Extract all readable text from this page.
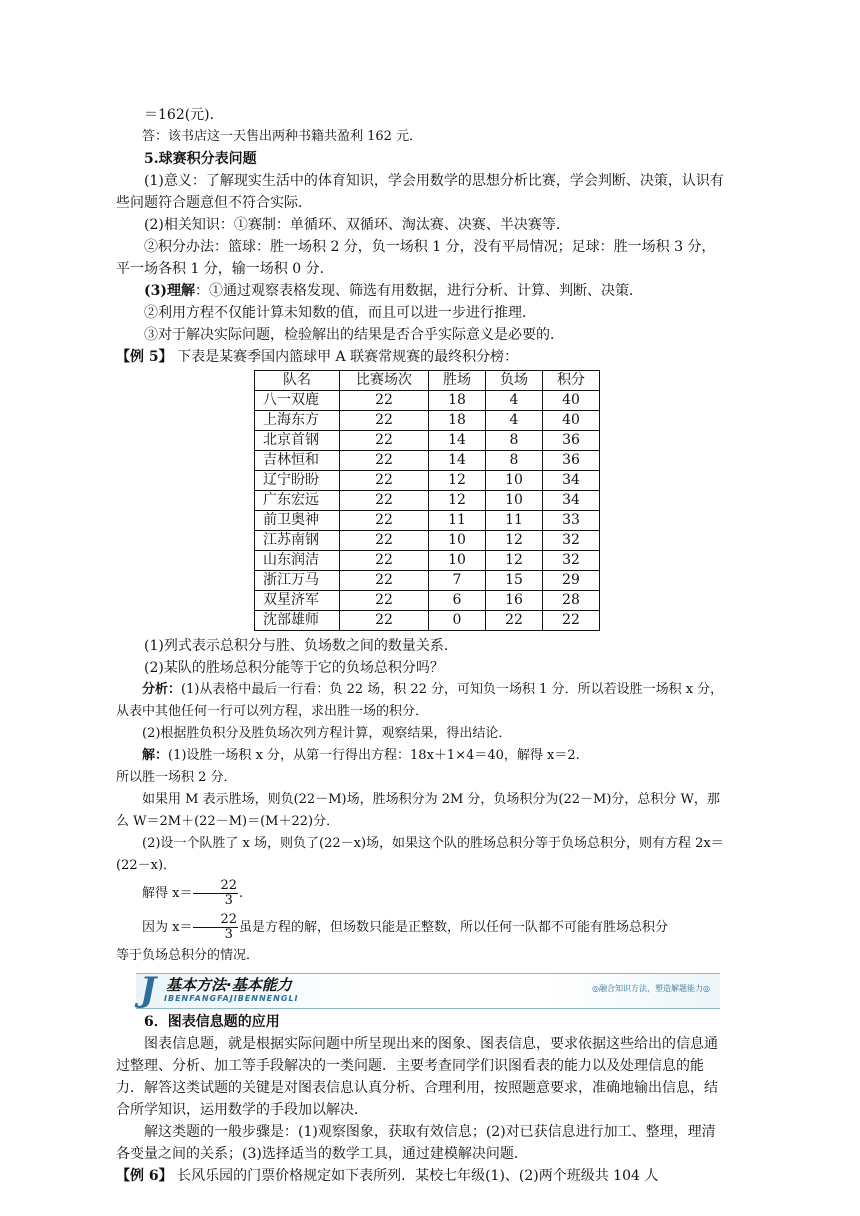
＝162(元)．

答：该书店这一天售出两种书籍共盈利 162 元．

5.球赛积分表问题

(1)意义：了解现实生活中的体育知识，学会用数学的思想分析比赛，学会判断、决策，认识有些问题符合题意但不符合实际．

(2)相关知识：①赛制：单循环、双循环、淘汰赛、决赛、半决赛等．

②积分办法：篮球：胜一场积 2 分，负一场积 1 分，没有平局情况；足球：胜一场积 3 分，平一场各积 1 分，输一场积 0 分．

(3)理解：①通过观察表格发现、筛选有用数据，进行分析、计算、判断、决策．

②利用方程不仅能计算未知数的值，而且可以进一步进行推理．

③对于解决实际问题，检验解出的结果是否合乎实际意义是必要的．

【例 5】 下表是某赛季国内篮球甲 A 联赛常规赛的最终积分榜：

队名	比赛场次	胜场	负场	积分
八一双鹿	22	18	4	40
上海东方	22	18	4	40
北京首钢	22	14	8	36
吉林恒和	22	14	8	36
辽宁盼盼	22	12	10	34
广东宏远	22	12	10	34
前卫奥神	22	11	11	33
江苏南钢	22	10	12	32
山东润洁	22	10	12	32
浙江万马	22	7	15	29
双星济军	22	6	16	28
沈部雄师	22	0	22	22

(1)列式表示总积分与胜、负场数之间的数量关系．

(2)某队的胜场总积分能等于它的负场总积分吗？

分析：(1)从表格中最后一行看：负 22 场，积 22 分，可知负一场积 1 分．所以若设胜一场积 x 分，从表中其他任何一行可以列方程，求出胜一场的积分．

(2)根据胜负积分及胜负场次列方程计算，观察结果，得出结论．

解：(1)设胜一场积 x 分，从第一行得出方程：18x＋1×4＝40，解得 x＝2.

所以胜一场积 2 分．

如果用 M 表示胜场，则负(22－M)场，胜场积分为 2M 分，负场积分为(22－M)分，总积分 W，那么 W＝2M＋(22－M)＝(M＋22)分．

(2)设一个队胜了 x 场，则负了(22－x)场，如果这个队的胜场总积分等于负场总积分，则有方程 2x＝(22－x)．

解得 $x= \frac{22}{3}$ .

因为 $x= \frac{22}{3}$ 虽是方程的解，但场数只能是正整数，所以任何一队都不可能有胜场总积分

等于负场总积分的情况．

J 基本方法·基本能力
IBENFANGFAJIBENNENGLI
◎融合知识方法，塑造解题能力◎

6．图表信息题的应用

图表信息题，就是根据实际问题中所呈现出来的图象、图表信息，要求依据这些给出的信息通过整理、分析、加工等手段解决的一类问题．主要考查同学们识图看表的能力以及处理信息的能力．解答这类试题的关键是对图表信息认真分析、合理利用，按照题意要求，准确地输出信息，结合所学知识，运用数学的手段加以解决．

解这类题的一般步骤是：(1)观察图象，获取有效信息；(2)对已获信息进行加工、整理，理清各变量之间的关系；(3)选择适当的数学工具，通过建模解决问题．

【例 6】 长风乐园的门票价格规定如下表所列．某校七年级(1)、(2)两个班级共 104 人
